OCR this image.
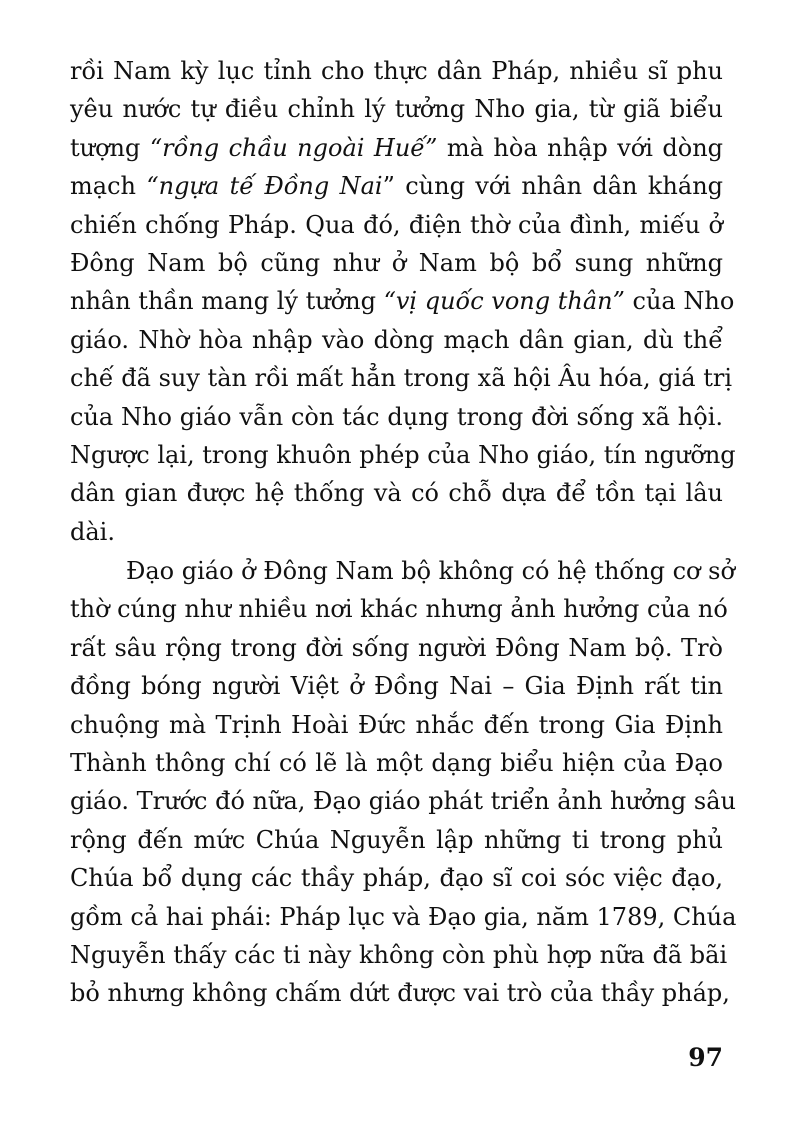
rồi Nam kỳ lục tỉnh cho thực dân Pháp, nhiều sĩ phu
yêu nước tự điều chỉnh lý tưởng Nho gia, từ giã biểu
tượng “rồng chầu ngoài Huế” mà hòa nhập với dòng
mạch “ngựa tế Đồng Nai” cùng với nhân dân kháng
chiến chống Pháp. Qua đó, điện thờ của đình, miếu ở
Đông Nam bộ cũng như ở Nam bộ bổ sung những
nhân thần mang lý tưởng “vị quốc vong thân” của Nho
giáo. Nhờ hòa nhập vào dòng mạch dân gian, dù thể
chế đã suy tàn rồi mất hẳn trong xã hội Âu hóa, giá trị
của Nho giáo vẫn còn tác dụng trong đời sống xã hội.
Ngược lại, trong khuôn phép của Nho giáo, tín ngưỡng
dân gian được hệ thống và có chỗ dựa để tồn tại lâu
dài.
Đạo giáo ở Đông Nam bộ không có hệ thống cơ sở
thờ cúng như nhiều nơi khác nhưng ảnh hưởng của nó
rất sâu rộng trong đời sống người Đông Nam bộ. Trò
đồng bóng người Việt ở Đồng Nai – Gia Định rất tin
chuộng mà Trịnh Hoài Đức nhắc đến trong Gia Định
Thành thông chí có lẽ là một dạng biểu hiện của Đạo
giáo. Trước đó nữa, Đạo giáo phát triển ảnh hưởng sâu
rộng đến mức Chúa Nguyễn lập những ti trong phủ
Chúa bổ dụng các thầy pháp, đạo sĩ coi sóc việc đạo,
gồm cả hai phái: Pháp lục và Đạo gia, năm 1789, Chúa
Nguyễn thấy các ti này không còn phù hợp nữa đã bãi
bỏ nhưng không chấm dứt được vai trò của thầy pháp,
97
